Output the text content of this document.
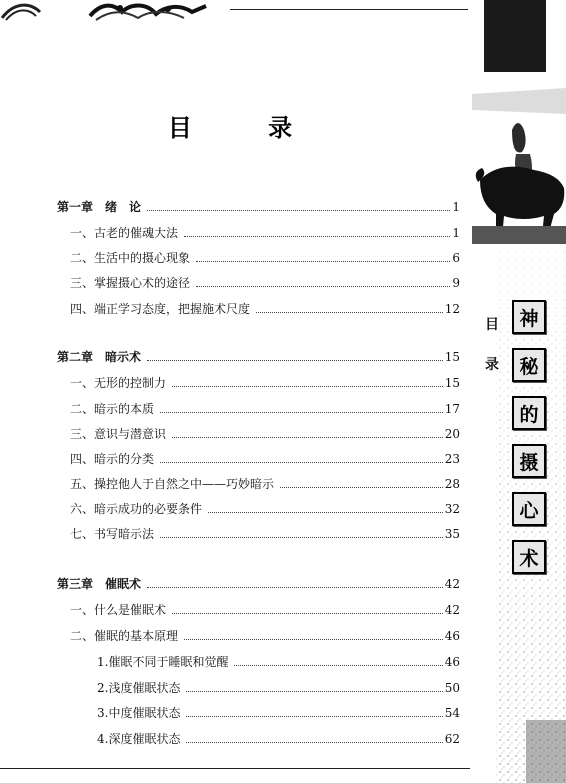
目 录
第一章　绪　论	1
一、古老的催魂大法	1
二、生活中的摄心现象	6
三、掌握摄心术的途径	9
四、端正学习态度，把握施术尺度	12
第二章　暗示术	15
一、无形的控制力	15
二、暗示的本质	17
三、意识与潜意识	20
四、暗示的分类	23
五、操控他人于自然之中——巧妙暗示	28
六、暗示成功的必要条件	32
七、书写暗示法	35
第三章　催眠术	42
一、什么是催眠术	42
二、催眠的基本原理	46
1.催眠不同于睡眠和觉醒	46
2.浅度催眠状态	50
3.中度催眠状态	54
4.深度催眠状态	62
目
录
神
秘
的
摄
心
术
